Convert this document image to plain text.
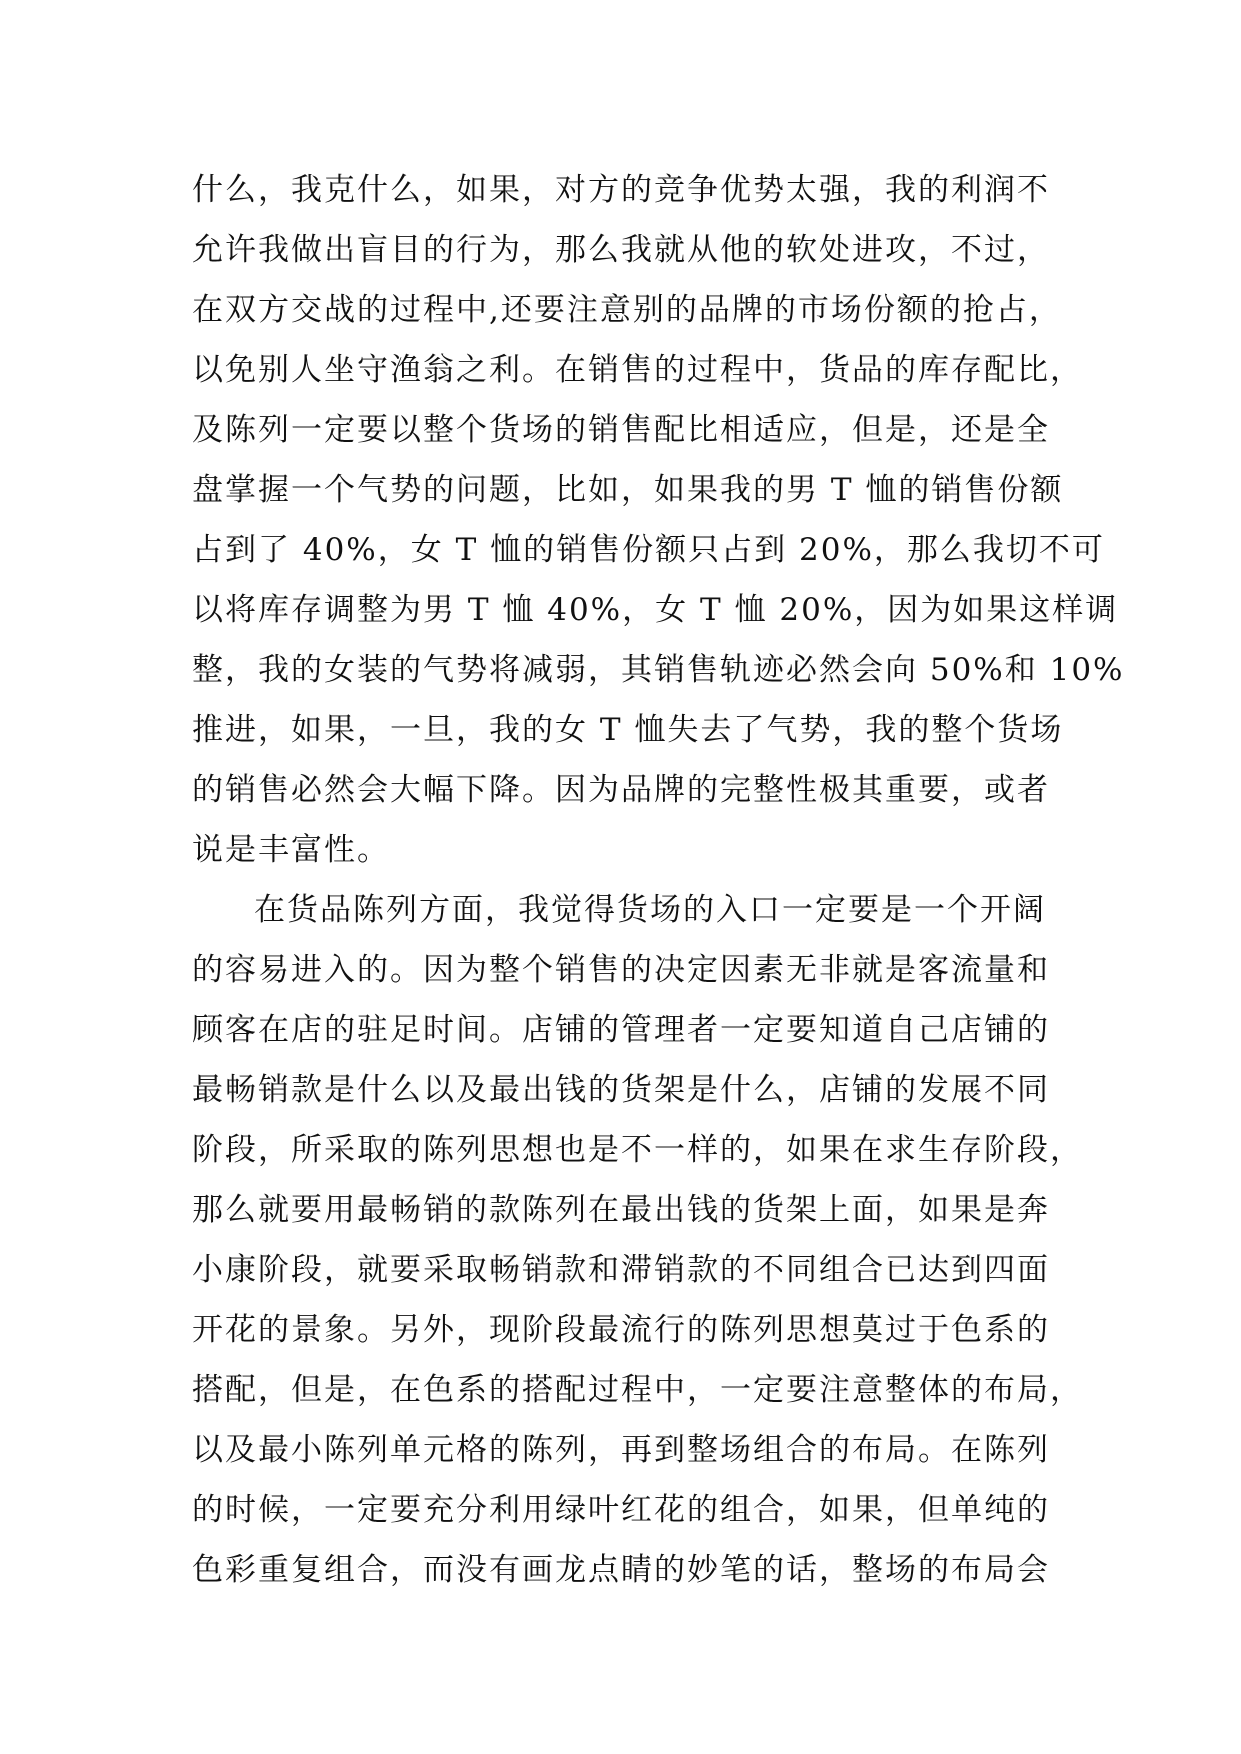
什么，我克什么，如果，对方的竞争优势太强，我的利润不
允许我做出盲目的行为，那么我就从他的软处进攻，不过，
在双方交战的过程中,还要注意别的品牌的市场份额的抢占，
以免别人坐守渔翁之利。在销售的过程中，货品的库存配比，
及陈列一定要以整个货场的销售配比相适应，但是，还是全
盘掌握一个气势的问题，比如，如果我的男 T 恤的销售份额
占到了 40%，女 T 恤的销售份额只占到 20%，那么我切不可
以将库存调整为男 T 恤 40%，女 T 恤 20%，因为如果这样调
整，我的女装的气势将减弱，其销售轨迹必然会向 50%和 10%
推进，如果，一旦，我的女 T 恤失去了气势，我的整个货场
的销售必然会大幅下降。因为品牌的完整性极其重要，或者
说是丰富性。
在货品陈列方面，我觉得货场的入口一定要是一个开阔
的容易进入的。因为整个销售的决定因素无非就是客流量和
顾客在店的驻足时间。店铺的管理者一定要知道自己店铺的
最畅销款是什么以及最出钱的货架是什么，店铺的发展不同
阶段，所采取的陈列思想也是不一样的，如果在求生存阶段，
那么就要用最畅销的款陈列在最出钱的货架上面，如果是奔
小康阶段，就要采取畅销款和滞销款的不同组合已达到四面
开花的景象。另外，现阶段最流行的陈列思想莫过于色系的
搭配，但是，在色系的搭配过程中，一定要注意整体的布局，
以及最小陈列单元格的陈列，再到整场组合的布局。在陈列
的时候，一定要充分利用绿叶红花的组合，如果，但单纯的
色彩重复组合，而没有画龙点睛的妙笔的话，整场的布局会
